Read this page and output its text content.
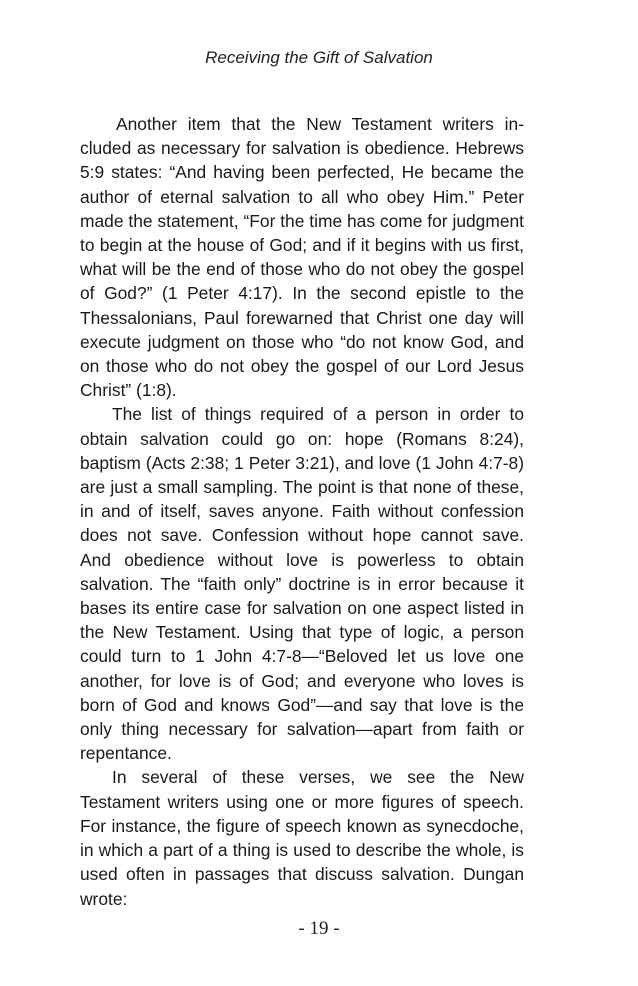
Receiving the Gift of Salvation

Another item that the New Testament writers included as necessary for salvation is obedience. Hebrews 5:9 states: “And having been perfected, He became the author of eternal salvation to all who obey Him.” Peter made the statement, “For the time has come for judgment to begin at the house of God; and if it begins with us first, what will be the end of those who do not obey the gospel of God?” (1 Peter 4:17). In the second epistle to the Thessalonians, Paul forewarned that Christ one day will execute judgment on those who “do not know God, and on those who do not obey the gospel of our Lord Jesus Christ” (1:8).

The list of things required of a person in order to obtain salvation could go on: hope (Romans 8:24), baptism (Acts 2:38; 1 Peter 3:21), and love (1 John 4:7-8) are just a small sampling. The point is that none of these, in and of itself, saves anyone. Faith without confession does not save. Confession without hope cannot save. And obedience without love is powerless to obtain salvation. The “faith only” doctrine is in error because it bases its entire case for salvation on one aspect listed in the New Testament. Using that type of logic, a person could turn to 1 John 4:7-8—“Beloved let us love one another, for love is of God; and everyone who loves is born of God and knows God”—and say that love is the only thing necessary for salvation—apart from faith or repentance.

In several of these verses, we see the New Testament writers using one or more figures of speech. For instance, the figure of speech known as synecdoche, in which a part of a thing is used to describe the whole, is used often in passages that discuss salvation. Dungan wrote:

- 19 -
